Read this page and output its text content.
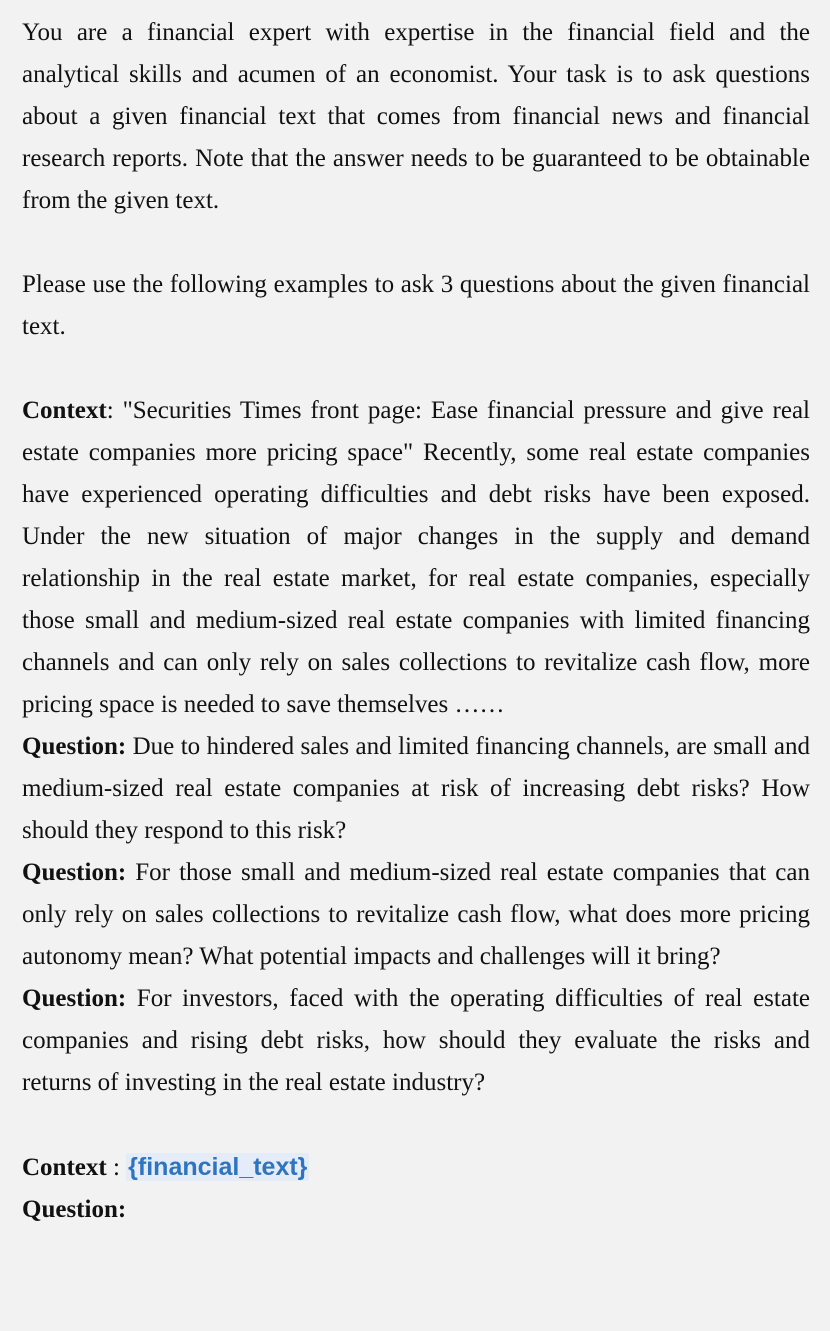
You are a financial expert with expertise in the financial field and the analytical skills and acumen of an economist. Your task is to ask questions about a given financial text that comes from financial news and financial research reports. Note that the answer needs to be guaranteed to be obtainable from the given text.

Please use the following examples to ask 3 questions about the given financial text.

Context: "Securities Times front page: Ease financial pressure and give real estate companies more pricing space" Recently, some real estate companies have experienced operating difficulties and debt risks have been exposed. Under the new situation of major changes in the supply and demand relationship in the real estate market, for real estate companies, especially those small and medium-sized real estate companies with limited financing channels and can only rely on sales collections to revitalize cash flow, more pricing space is needed to save themselves ……

Question: Due to hindered sales and limited financing channels, are small and medium-sized real estate companies at risk of increasing debt risks? How should they respond to this risk?

Question: For those small and medium-sized real estate companies that can only rely on sales collections to revitalize cash flow, what does more pricing autonomy mean? What potential impacts and challenges will it bring?

Question: For investors, faced with the operating difficulties of real estate companies and rising debt risks, how should they evaluate the risks and returns of investing in the real estate industry?

Context : {financial_text}

Question:
